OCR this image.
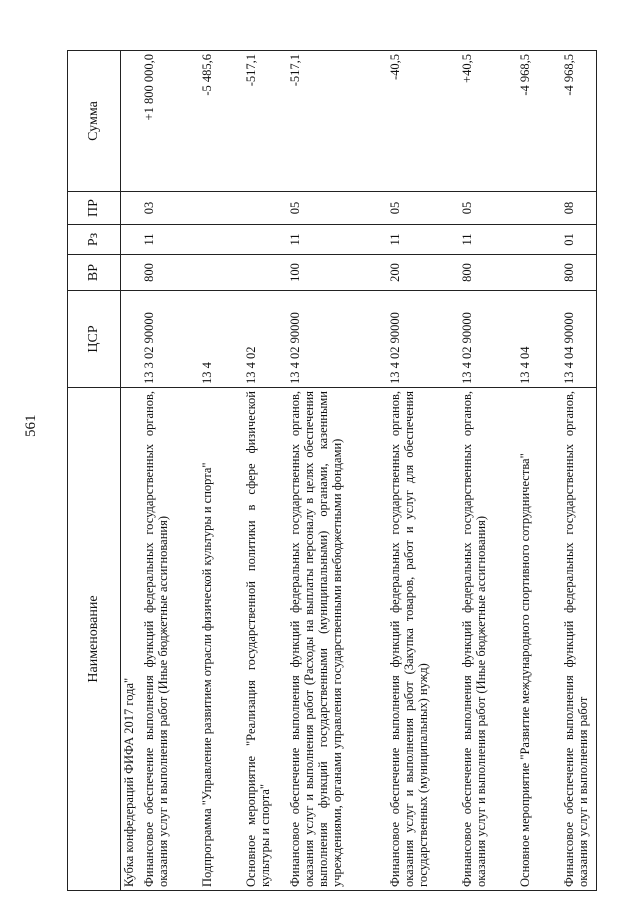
561
Наименование	ЦСР	ВР	Рз	ПР	Сумма
Кубка конфедераций ФИФА 2017 года"					
Финансовое обеспечение выполнения функций федеральных государственных органов, оказания услуг и выполнения работ (Иные бюджетные ассигнования)	13 3 02 90000	800	11	03	+1 800 000,0
Подпрограмма "Управление развитием отрасли физической культуры и спорта"	13 4				-5 485,6
Основное мероприятие "Реализация государственной политики в сфере физической культуры и спорта"	13 4 02				-517,1
Финансовое обеспечение выполнения функций федеральных государственных органов, оказания услуг и выполнения работ (Расходы на выплаты персоналу в целях обеспечения выполнения функций государственными (муниципальными) органами, казенными учреждениями, органами управления государственными внебюджетными фондами)	13 4 02 90000	100	11	05	-517,1
Финансовое обеспечение выполнения функций федеральных государственных органов, оказания услуг и выполнения работ (Закупка товаров, работ и услуг для обеспечения государственных (муниципальных) нужд)	13 4 02 90000	200	11	05	-40,5
Финансовое обеспечение выполнения функций федеральных государственных органов, оказания услуг и выполнения работ (Иные бюджетные ассигнования)	13 4 02 90000	800	11	05	+40,5
Основное мероприятие "Развитие международного спортивного сотрудничества"	13 4 04				-4 968,5
Финансовое обеспечение выполнения функций федеральных государственных органов, оказания услуг и выполнения работ	13 4 04 90000	800	01	08	-4 968,5
